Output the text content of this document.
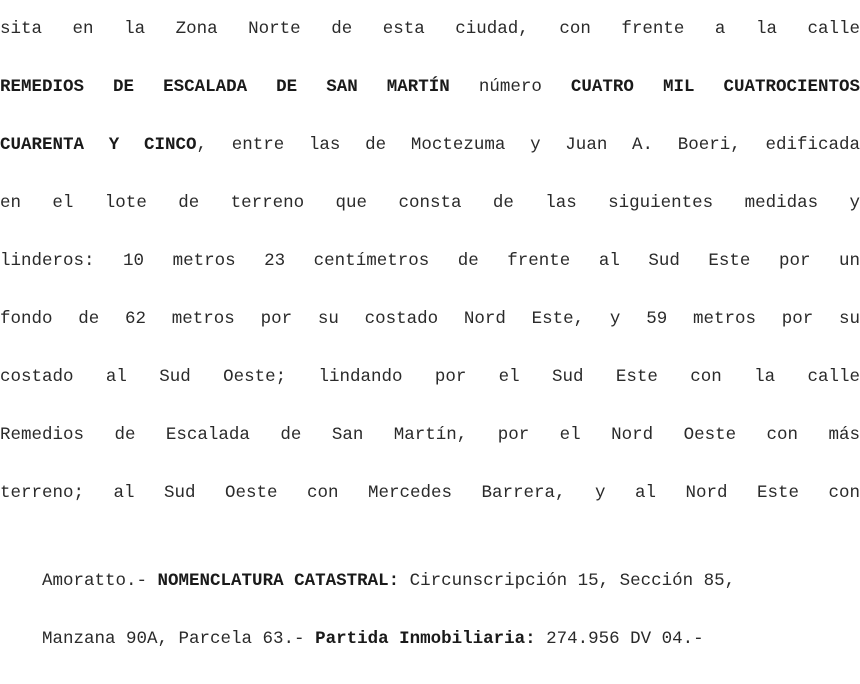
sita en la Zona Norte de esta ciudad, con frente a la calle
REMEDIOS DE ESCALADA DE SAN MARTÍN número CUATRO MIL CUATROCIENTOS
CUARENTA Y CINCO, entre las de Moctezuma y Juan A. Boeri, edificada
en el lote de terreno que consta de las siguientes medidas y
linderos: 10 metros 23 centímetros de frente al Sud Este por un
fondo de 62 metros por su costado Nord Este, y 59 metros por su
costado al Sud Oeste; lindando por el Sud Este con la calle
Remedios de Escalada de San Martín, por el Nord Oeste con más
terreno; al Sud Oeste con Mercedes Barrera, y al Nord Este con

Amoratto.- NOMENCLATURA CATASTRAL: Circunscripción 15, Sección 85,

Manzana 90A, Parcela 63.- Partida Inmobiliaria: 274.956 DV 04.-
